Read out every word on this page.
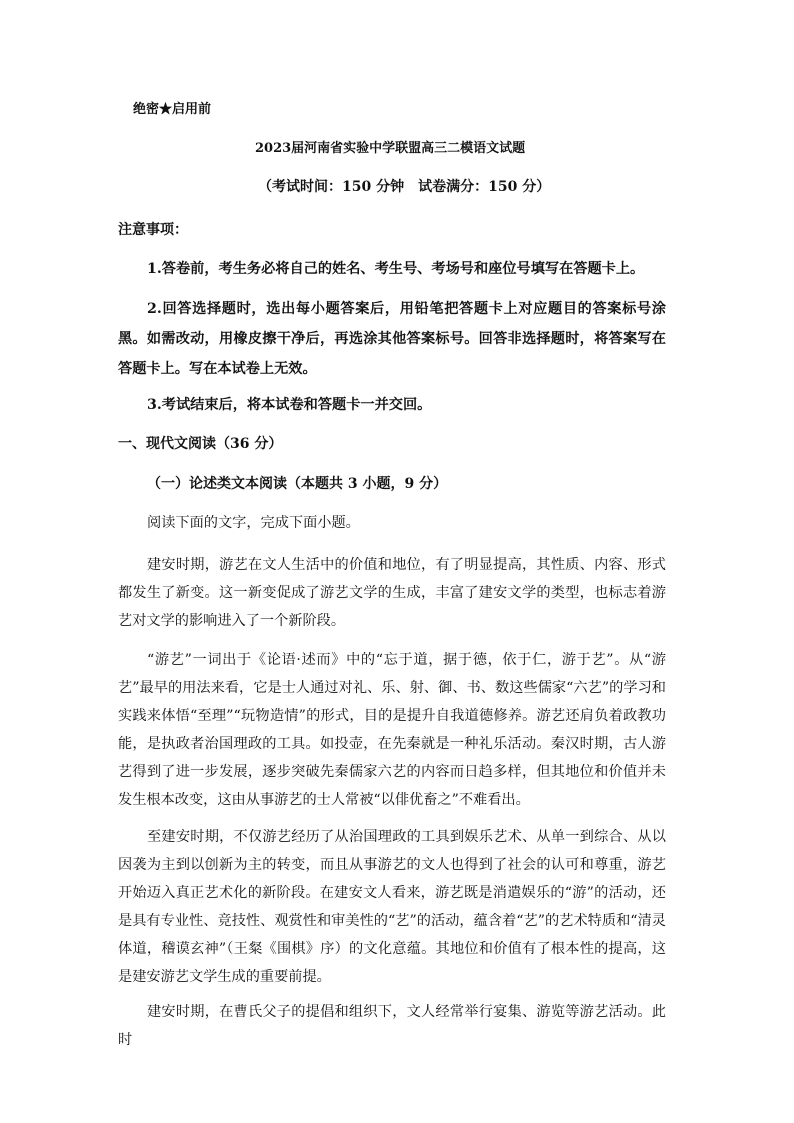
绝密★启用前
2023届河南省实验中学联盟高三二模语文试题
（考试时间：150 分钟　试卷满分：150 分）
注意事项：
1.答卷前，考生务必将自己的姓名、考生号、考场号和座位号填写在答题卡上。
2.回答选择题时，选出每小题答案后，用铅笔把答题卡上对应题目的答案标号涂黑。如需改动，用橡皮擦干净后，再选涂其他答案标号。回答非选择题时，将答案写在答题卡上。写在本试卷上无效。
3.考试结束后，将本试卷和答题卡一并交回。
一、现代文阅读（36 分）
（一）论述类文本阅读（本题共 3 小题，9 分）
阅读下面的文字，完成下面小题。
建安时期，游艺在文人生活中的价值和地位，有了明显提高，其性质、内容、形式都发生了新变。这一新变促成了游艺文学的生成，丰富了建安文学的类型，也标志着游艺对文学的影响进入了一个新阶段。
“游艺”一词出于《论语·述而》中的“忘于道，据于德，依于仁，游于艺”。从“游艺”最早的用法来看，它是士人通过对礼、乐、射、御、书、数这些儒家“六艺”的学习和实践来体悟“至理”“玩物造情”的形式，目的是提升自我道德修养。游艺还肩负着政教功能，是执政者治国理政的工具。如投壶，在先秦就是一种礼乐活动。秦汉时期，古人游艺得到了进一步发展，逐步突破先秦儒家六艺的内容而日趋多样，但其地位和价值并未发生根本改变，这由从事游艺的士人常被“以俳优畜之”不难看出。
至建安时期，不仅游艺经历了从治国理政的工具到娱乐艺术、从单一到综合、从以因袭为主到以创新为主的转变，而且从事游艺的文人也得到了社会的认可和尊重，游艺开始迈入真正艺术化的新阶段。在建安文人看来，游艺既是消遣娱乐的“游”的活动，还是具有专业性、竞技性、观赏性和审美性的“艺”的活动，蕴含着“艺”的艺术特质和“清灵体道，稽谟玄神”（王粲《围棋》序）的文化意蕴。其地位和价值有了根本性的提高，这是建安游艺文学生成的重要前提。
建安时期，在曹氏父子的提倡和组织下，文人经常举行宴集、游览等游艺活动。此时
